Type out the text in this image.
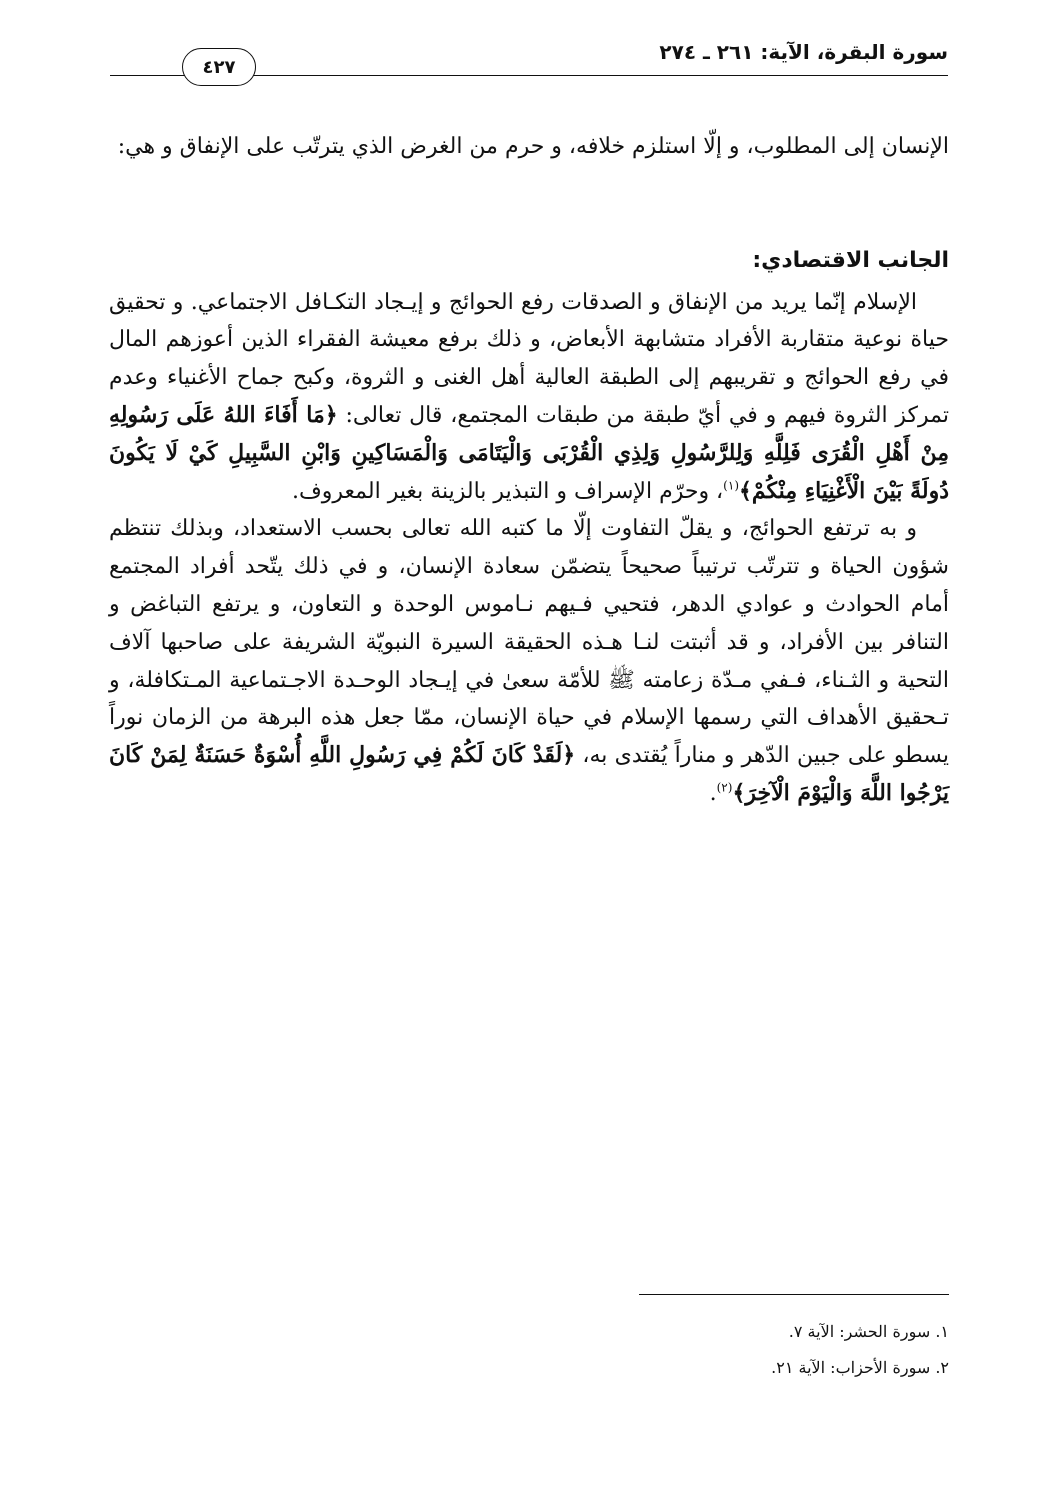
سورة البقرة، الآية: ٢٦١ ـ ٢٧٤
٤٢٧

الإنسان إلى المطلوب، و إلّا استلزم خلافه، و حرم من الغرض الذي يترتّب على الإنفاق و هي:

الجانب الاقتصادي:

الإسلام إنّما يريد من الإنفاق و الصدقات رفع الحوائج و إيـجاد التكـافل الاجتماعي. و تحقيق حياة نوعية متقاربة الأفراد متشابهة الأبعاض، و ذلك برفع معيشة الفقراء الذين أعوزهم المال في رفع الحوائج و تقريبهم إلى الطبقة العالية أهل الغنى و الثروة، وكبح جماح الأغنياء وعدم تمركز الثروة فيهم و في أيّ طبقة من طبقات المجتمع، قال تعالى: ﴿مَا أَفَاءَ اللهُ عَلَى رَسُولِهِ مِنْ أَهْلِ الْقُرَى فَلِلَّهِ وَلِلرَّسُولِ وَلِذِي الْقُرْبَى وَالْيَتَامَى وَالْمَسَاكِينِ وَابْنِ السَّبِيلِ كَيْ لَا يَكُونَ دُولَةً بَيْنَ الْأَغْنِيَاءِ مِنْكُمْ﴾$^{(١)}$، وحرّم الإسراف و التبذير بالزينة بغير المعروف.

و به ترتفع الحوائج، و يقلّ التفاوت إلّا ما كتبه الله تعالى بحسب الاستعداد، وبذلك تنتظم شؤون الحياة و تترتّب ترتيباً صحيحاً يتضمّن سعادة الإنسان، و في ذلك يتّحد أفراد المجتمع أمام الحوادث و عوادي الدهر، فتحيي فـيهم نـاموس الوحدة و التعاون، و يرتفع التباغض و التنافر بين الأفراد، و قد أثبتت لنـا هـذه الحقيقة السيرة النبويّة الشريفة على صاحبها آلاف التحية و الثـناء، فـفي مـدّة زعامته ﷺ للأمّة سعىٰ في إيـجاد الوحـدة الاجـتماعية المـتكافلة، و تـحقيق الأهداف التي رسمها الإسلام في حياة الإنسان، ممّا جعل هذه البرهة من الزمان نوراً يسطو على جبين الدّهر و مناراً يُقتدى به، ﴿لَقَدْ كَانَ لَكُمْ فِي رَسُولِ اللَّهِ أُسْوَةٌ حَسَنَةٌ لِمَنْ كَانَ يَرْجُوا اللَّهَ وَالْيَوْمَ الْآخِرَ﴾$^{(٢)}$.

١. سورة الحشر: الآية ٧.
٢. سورة الأحزاب: الآية ٢١.
